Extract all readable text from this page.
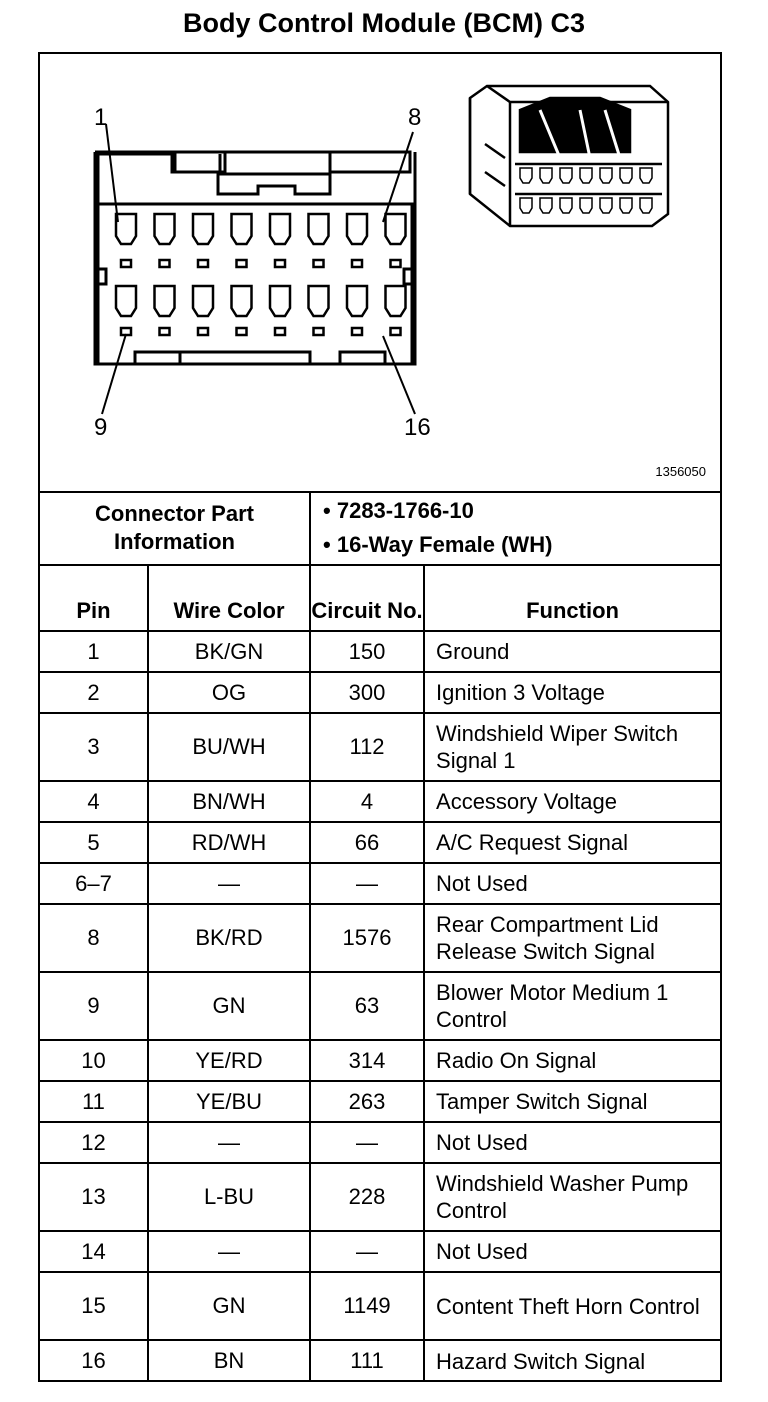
Body Control Module (BCM) C3
1	8
9	16
1356050
Connector Part Information		• 7283-1766-10
• 16-Way Female (WH)	

Pin	Wire Color	Circuit No.	Function
1	BK/GN	150	Ground
2	OG	300	Ignition 3 Voltage
3	BU/WH	112	Windshield Wiper Switch Signal 1
4	BN/WH	4	Accessory Voltage
5	RD/WH	66	A/C Request Signal
6–7	—	—	Not Used
8	BK/RD	1576	Rear Compartment Lid Release Switch Signal
9	GN	63	Blower Motor Medium 1 Control
10	YE/RD	314	Radio On Signal
11	YE/BU	263	Tamper Switch Signal
12	—	—	Not Used
13	L-BU	228	Windshield Washer Pump Control
14	—	—	Not Used
15	GN	1149	Content Theft Horn Control
16	BN	111	Hazard Switch Signal
